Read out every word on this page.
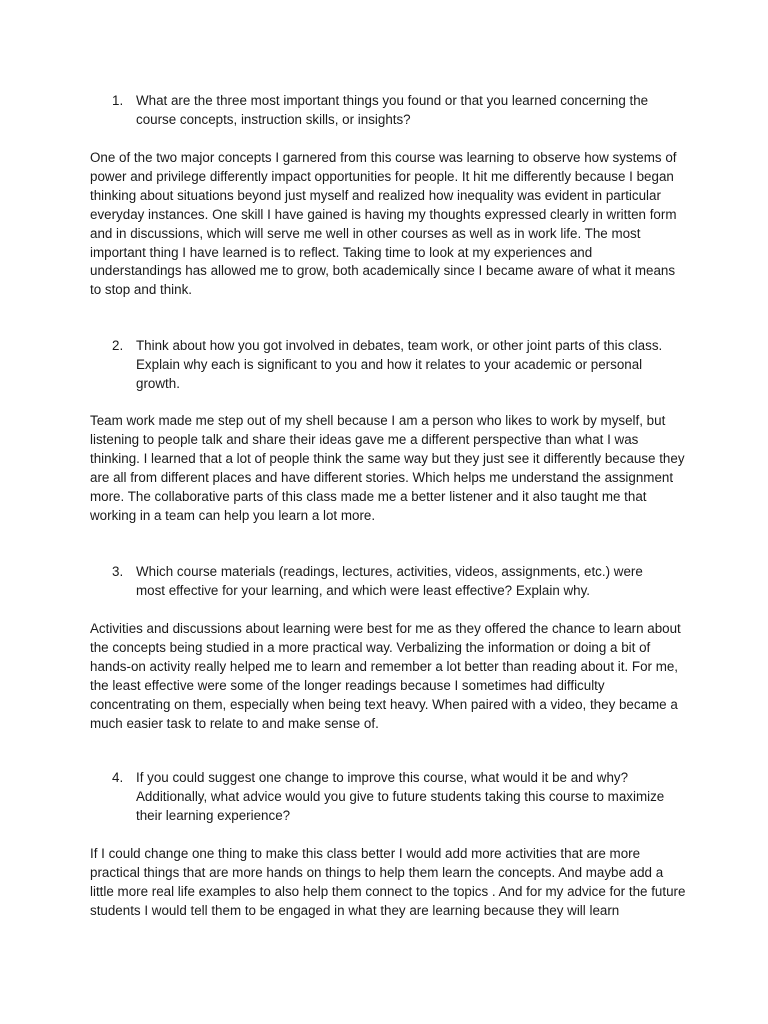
1. What are the three most important things you found or that you learned concerning the course concepts, instruction skills, or insights?

One of the two major concepts I garnered from this course was learning to observe how systems of power and privilege differently impact opportunities for people. It hit me differently because I began thinking about situations beyond just myself and realized how inequality was evident in particular everyday instances. One skill I have gained is having my thoughts expressed clearly in written form and in discussions, which will serve me well in other courses as well as in work life. The most important thing I have learned is to reflect. Taking time to look at my experiences and understandings has allowed me to grow, both academically since I became aware of what it means to stop and think.

2. Think about how you got involved in debates, team work, or other joint parts of this class. Explain why each is significant to you and how it relates to your academic or personal growth.

Team work made me step out of my shell because I am a person who likes to work by myself, but listening to people talk and share their ideas gave me a different perspective than what I was thinking. I learned that a lot of people think the same way but they just see it differently because they are all from different places and have different stories. Which helps me understand the assignment more. The collaborative parts of this class made me a better listener and it also taught me that working in a team can help you learn a lot more.

3. Which course materials (readings, lectures, activities, videos, assignments, etc.) were most effective for your learning, and which were least effective? Explain why.

Activities and discussions about learning were best for me as they offered the chance to learn about the concepts being studied in a more practical way. Verbalizing the information or doing a bit of hands-on activity really helped me to learn and remember a lot better than reading about it. For me, the least effective were some of the longer readings because I sometimes had difficulty concentrating on them, especially when being text heavy. When paired with a video, they became a much easier task to relate to and make sense of.

4. If you could suggest one change to improve this course, what would it be and why? Additionally, what advice would you give to future students taking this course to maximize their learning experience?

If I could change one thing to make this class better I would add more activities that are more practical things that are more hands on things to help them learn the concepts. And maybe add a little more real life examples to also help them connect to the topics . And for my advice for the future students I would tell them to be engaged in what they are learning because they will learn
